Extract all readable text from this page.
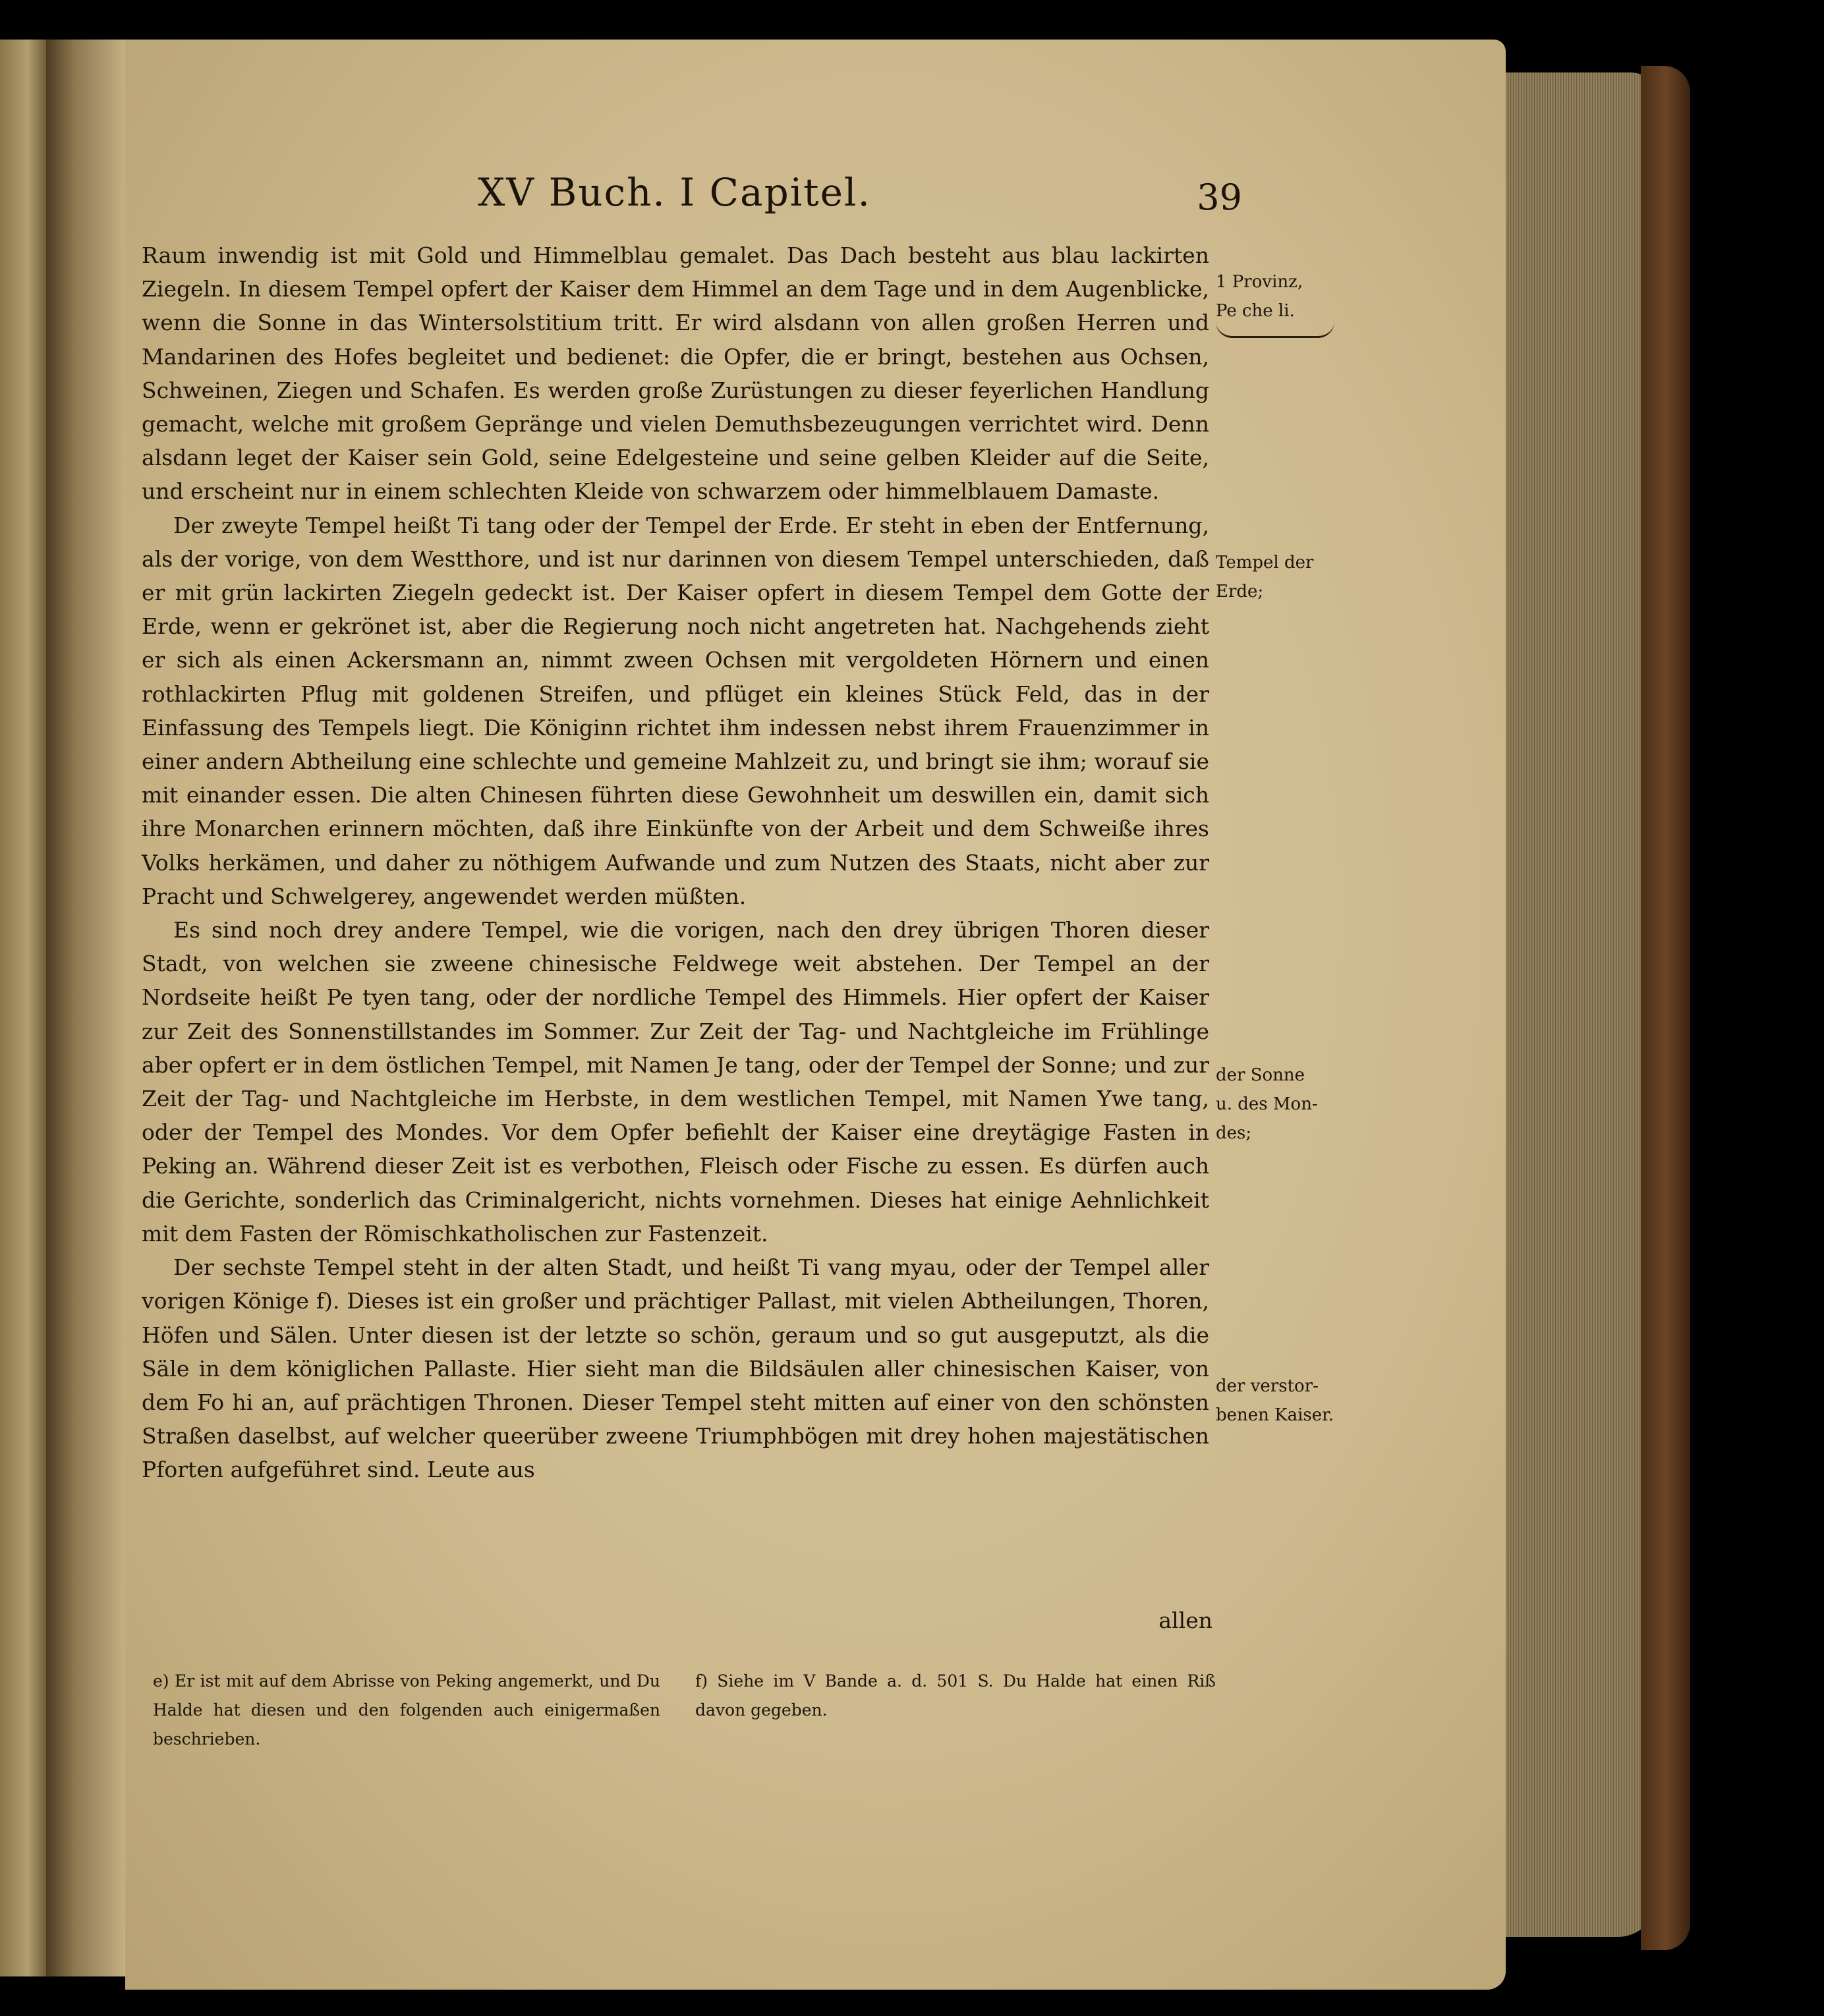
XV Buch. I Capitel.	39

Raum inwendig ist mit Gold und Himmelblau gemalet. Das Dach besteht aus blau lackirten Ziegeln. In diesem Tempel opfert der Kaiser dem Himmel an dem Tage und in dem Augenblicke, wenn die Sonne in das Wintersolstitium tritt. Er wird alsdann von allen großen Herren und Mandarinen des Hofes begleitet und bedienet: die Opfer, die er bringt, bestehen aus Ochsen, Schweinen, Ziegen und Schafen. Es werden große Zurüstungen zu dieser feyerlichen Handlung gemacht, welche mit großem Gepränge und vielen Demuthsbezeugungen verrichtet wird. Denn alsdann leget der Kaiser sein Gold, seine Edelgesteine und seine gelben Kleider auf die Seite, und erscheint nur in einem schlechten Kleide von schwarzem oder himmelblauem Damaste.

Der zweyte Tempel heißt Ti tang oder der Tempel der Erde. Er steht in eben der Entfernung, als der vorige, von dem Westthore, und ist nur darinnen von diesem Tempel unterschieden, daß er mit grün lackirten Ziegeln gedeckt ist. Der Kaiser opfert in diesem Tempel dem Gotte der Erde, wenn er gekrönet ist, aber die Regierung noch nicht angetreten hat. Nachgehends zieht er sich als einen Ackersmann an, nimmt zween Ochsen mit vergoldeten Hörnern und einen rothlackirten Pflug mit goldenen Streifen, und pflüget ein kleines Stück Feld, das in der Einfassung des Tempels liegt. Die Königinn richtet ihm indessen nebst ihrem Frauenzimmer in einer andern Abtheilung eine schlechte und gemeine Mahlzeit zu, und bringt sie ihm; worauf sie mit einander essen. Die alten Chinesen führten diese Gewohnheit um deswillen ein, damit sich ihre Monarchen erinnern möchten, daß ihre Einkünfte von der Arbeit und dem Schweiße ihres Volks herkämen, und daher zu nöthigem Aufwande und zum Nutzen des Staats, nicht aber zur Pracht und Schwelgerey, angewendet werden müßten.

Es sind noch drey andere Tempel, wie die vorigen, nach den drey übrigen Thoren dieser Stadt, von welchen sie zweene chinesische Feldwege weit abstehen. Der Tempel an der Nordseite heißt Pe tyen tang, oder der nordliche Tempel des Himmels. Hier opfert der Kaiser zur Zeit des Sonnenstillstandes im Sommer. Zur Zeit der Tag- und Nachtgleiche im Frühlinge aber opfert er in dem östlichen Tempel, mit Namen Je tang, oder der Tempel der Sonne; und zur Zeit der Tag- und Nachtgleiche im Herbste, in dem westlichen Tempel, mit Namen Ywe tang, oder der Tempel des Mondes. Vor dem Opfer befiehlt der Kaiser eine dreytägige Fasten in Peking an. Während dieser Zeit ist es verbothen, Fleisch oder Fische zu essen. Es dürfen auch die Gerichte, sonderlich das Criminalgericht, nichts vornehmen. Dieses hat einige Aehnlichkeit mit dem Fasten der Römischkatholischen zur Fastenzeit.

Der sechste Tempel steht in der alten Stadt, und heißt Ti vang myau, oder der Tempel aller vorigen Könige f). Dieses ist ein großer und prächtiger Pallast, mit vielen Abtheilungen, Thoren, Höfen und Sälen. Unter diesen ist der letzte so schön, geraum und so gut ausgeputzt, als die Säle in dem königlichen Pallaste. Hier sieht man die Bildsäulen aller chinesischen Kaiser, von dem Fo hi an, auf prächtigen Thronen. Dieser Tempel steht mitten auf einer von den schönsten Straßen daselbst, auf welcher queerüber zweene Triumphbögen mit drey hohen majestätischen Pforten aufgeführet sind. Leute aus

1 Provinz,
Pe che li.

Tempel der
Erde;
der Sonne
u. des Mon-
des;
der verstor-
benen Kaiser.
allen
e) Er ist mit auf dem Abrisse von Peking angemerkt, und Du Halde hat diesen und den folgenden auch einigermaßen beschrieben.
f) Siehe im V Bande a. d. 501 S. Du Halde hat einen Riß davon gegeben.
